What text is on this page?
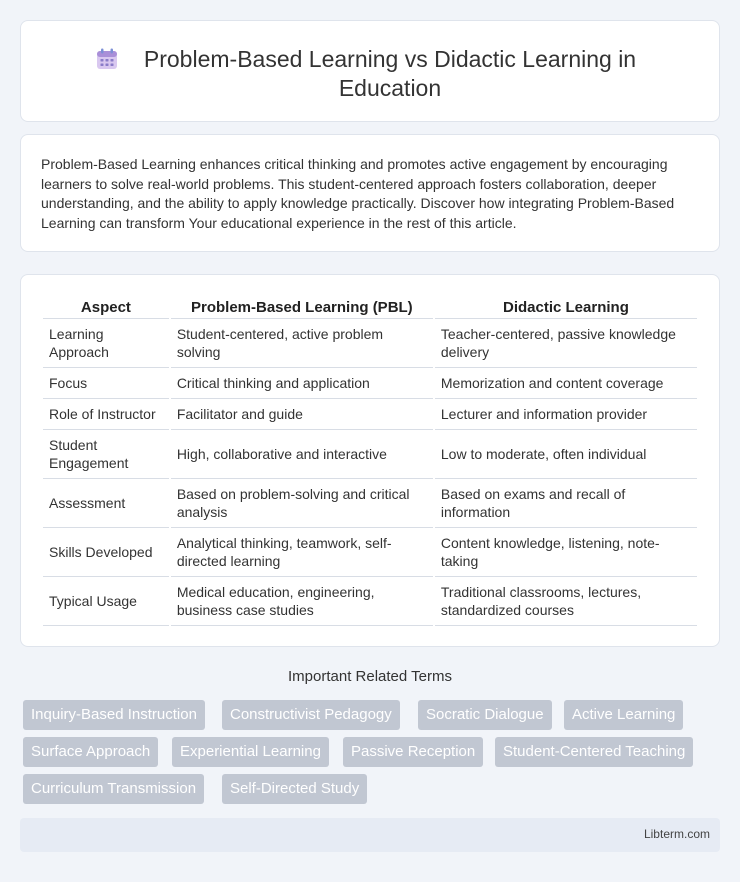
Problem-Based Learning vs Didactic Learning in Education

Problem-Based Learning enhances critical thinking and promotes active engagement by encouraging learners to solve real-world problems. This student-centered approach fosters collaboration, deeper understanding, and the ability to apply knowledge practically. Discover how integrating Problem-Based Learning can transform Your educational experience in the rest of this article.

Aspect	Problem-Based Learning (PBL)	Didactic Learning
Learning Approach	Student-centered, active problem solving	Teacher-centered, passive knowledge delivery
Focus	Critical thinking and application	Memorization and content coverage
Role of Instructor	Facilitator and guide	Lecturer and information provider
Student Engagement	High, collaborative and interactive	Low to moderate, often individual
Assessment	Based on problem-solving and critical analysis	Based on exams and recall of information
Skills Developed	Analytical thinking, teamwork, self-directed learning	Content knowledge, listening, note-taking
Typical Usage	Medical education, engineering, business case studies	Traditional classrooms, lectures, standardized courses
Important Related Terms
Inquiry-Based Instruction	Constructivist Pedagogy	Socratic Dialogue	Active Learning
Surface Approach	Experiential Learning	Passive Reception	Student-Centered Teaching
Curriculum Transmission	Self-Directed Study
Libterm.com
